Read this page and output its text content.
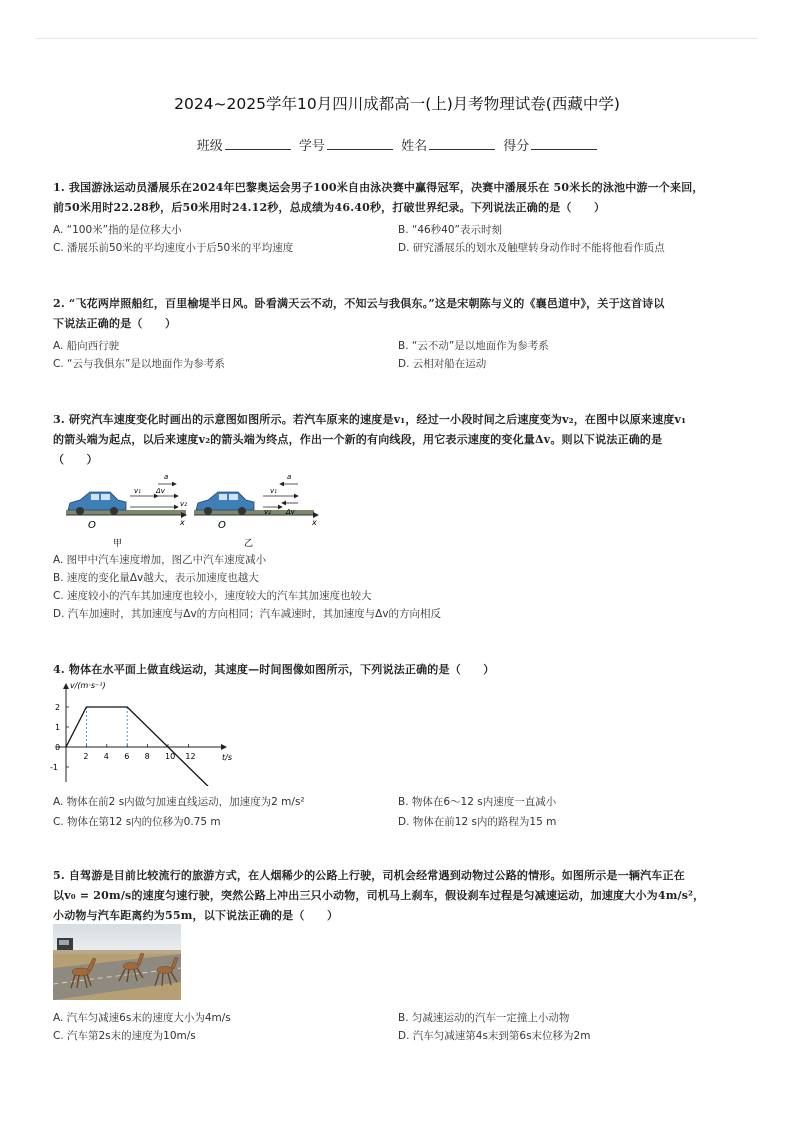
2024~2025学年10月四川成都高一(上)月考物理试卷(西藏中学)
班级	学号	姓名	得分

1. 我国游泳运动员潘展乐在2024年巴黎奥运会男子100米自由泳决赛中赢得冠军，决赛中潘展乐在 50米长的泳池中游一个来回，

前50米用时22.28秒，后50米用时24.12秒，总成绩为46.40秒，打破世界纪录。下列说法正确的是（　　）

A. “100米”指的是位移大小	B. “46秒40”表示时刻
C. 潘展乐前50米的平均速度小于后50米的平均速度	D. 研究潘展乐的划水及触壁转身动作时不能将他看作质点

2. “飞花两岸照船红，百里榆堤半日风。卧看满天云不动，不知云与我俱东。”这是宋朝陈与义的《襄邑道中》，关于这首诗以

下说法正确的是（　　）

A. 船向西行驶	B. “云不动”是以地面作为参考系
C. “云与我俱东”是以地面作为参考系	D. 云相对船在运动

3. 研究汽车速度变化时画出的示意图如图所示。若汽车原来的速度是v₁，经过一小段时间之后速度变为v₂，在图中以原来速度v₁

的箭头端为起点，以后来速度v₂的箭头端为终点，作出一个新的有向线段，用它表示速度的变化量Δv。则以下说法正确的是

（　　）

O	x
甲
v₁
v₂
Δv
a
O	x
乙
v₁
v₂ Δv
a
A. 图甲中汽车速度增加，图乙中汽车速度减小
B. 速度的变化量Δv越大，表示加速度也越大
C. 速度较小的汽车其加速度也较小，速度较大的汽车其加速度也较大
D. 汽车加速时，其加速度与Δv的方向相同；汽车减速时，其加速度与Δv的方向相反

4. 物体在水平面上做直线运动，其速度—时间图像如图所示，下列说法正确的是（　　）

v/(m·s⁻¹)
t/s
2 4 6 8 10 12
2
1
0
-1
A. 物体在前2 s内做匀加速直线运动，加速度为2 m/s²	B. 物体在6～12 s内速度一直减小
C. 物体在第12 s内的位移为0.75 m	D. 物体在前12 s内的路程为15 m

5. 自驾游是目前比较流行的旅游方式，在人烟稀少的公路上行驶，司机会经常遇到动物过公路的情形。如图所示是一辆汽车正在

以v₀ = 20m/s的速度匀速行驶，突然公路上冲出三只小动物，司机马上刹车，假设刹车过程是匀减速运动，加速度大小为4m/s²，

小动物与汽车距离约为55m，以下说法正确的是（　　）

A. 汽车匀减速6s末的速度大小为4m/s	B. 匀减速运动的汽车一定撞上小动物
C. 汽车第2s末的速度为10m/s	D. 汽车匀减速第4s末到第6s末位移为2m
